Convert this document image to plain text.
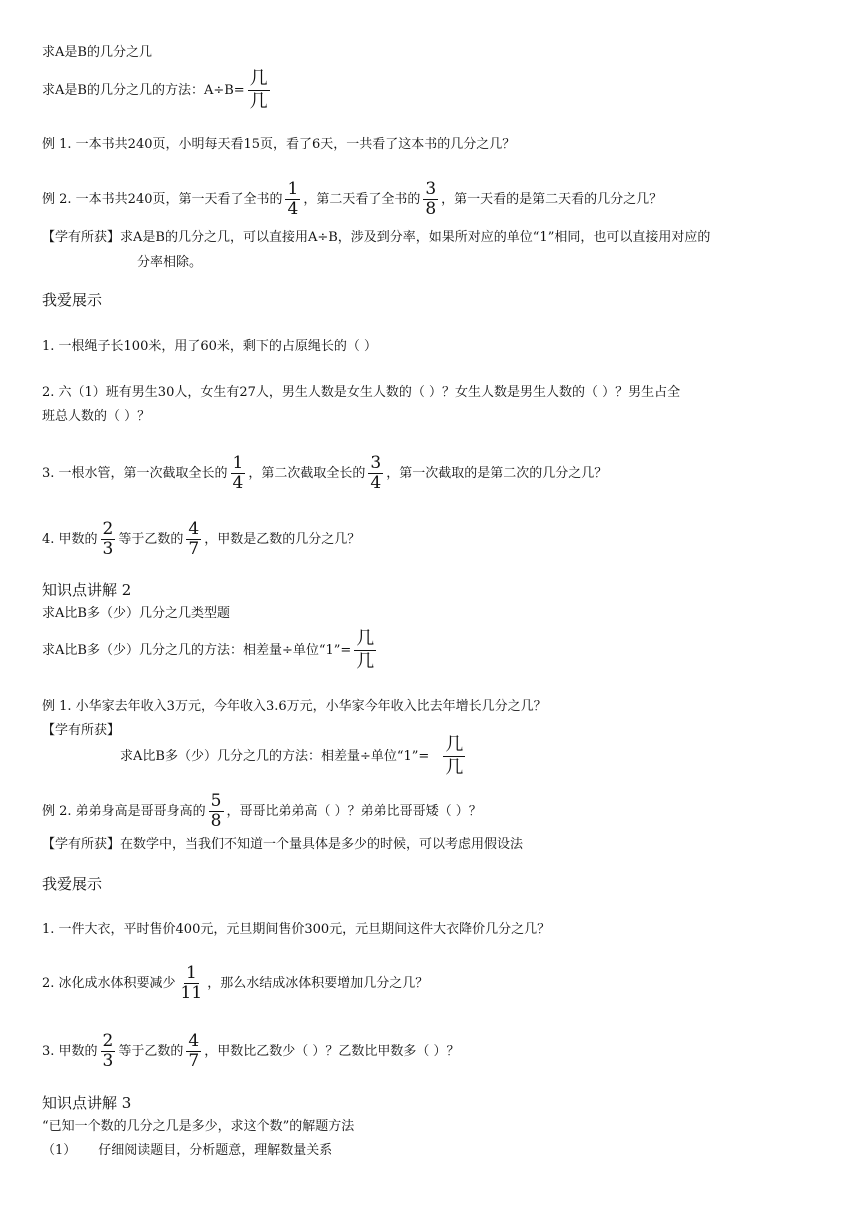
求A是B的几分之几
求A是B的几分之几的方法：$A\div B= \frac{\text{几}}{\text{几}}$
例 1. 一本书共240页，小明每天看15页，看了6天，一共看了这本书的几分之几？
例 2. 一本书共240页，第一天看了全书的 $\frac{1}{4}$ ，第二天看了全书的 $\frac{3}{8}$ ，第一天看的是第二天看的几分之几？
【学有所获】求A是B的几分之几，可以直接用A÷B，涉及到分率，如果所对应的单位“1”相同，也可以直接用对应的
分率相除。
我爱展示
1. 一根绳子长100米，用了60米，剩下的占原绳长的（ ）
2. 六（1）班有男生30人，女生有27人，男生人数是女生人数的（ ）？女生人数是男生人数的（ ）？男生占全
班总人数的（ ）？
3. 一根水管，第一次截取全长的 $\frac{1}{4}$ ，第二次截取全长的 $\frac{3}{4}$ ，第一次截取的是第二次的几分之几？
4. 甲数的 $\frac{2}{3}$ 等于乙数的 $\frac{4}{7}$ ，甲数是乙数的几分之几？
知识点讲解 2
求A比B多（少）几分之几类型题
求A比B多（少）几分之几的方法：相差量÷单位“1”= $\frac{\text{几}}{\text{几}}$
例 1. 小华家去年收入3万元，今年收入3.6万元，小华家今年收入比去年增长几分之几？
【学有所获】求A比B多（少）几分之几的方法：相差量÷单位“1”= $\frac{\text{几}}{\text{几}}$
例 2. 弟弟身高是哥哥身高的 $\frac{5}{8}$ ，哥哥比弟弟高（ ）？弟弟比哥哥矮（ ）？
【学有所获】在数学中，当我们不知道一个量具体是多少的时候，可以考虑用假设法
我爱展示
1. 一件大衣，平时售价400元，元旦期间售价300元，元旦期间这件大衣降价几分之几？
2. 冰化成水体积要减少 $\frac{1}{11}$ ，那么水结成冰体积要增加几分之几？
3. 甲数的 $\frac{2}{3}$ 等于乙数的 $\frac{4}{7}$ ，甲数比乙数少（ ）？乙数比甲数多（ ）？
知识点讲解 3
“已知一个数的几分之几是多少，求这个数”的解题方法
（1） 仔细阅读题目，分析题意，理解数量关系
